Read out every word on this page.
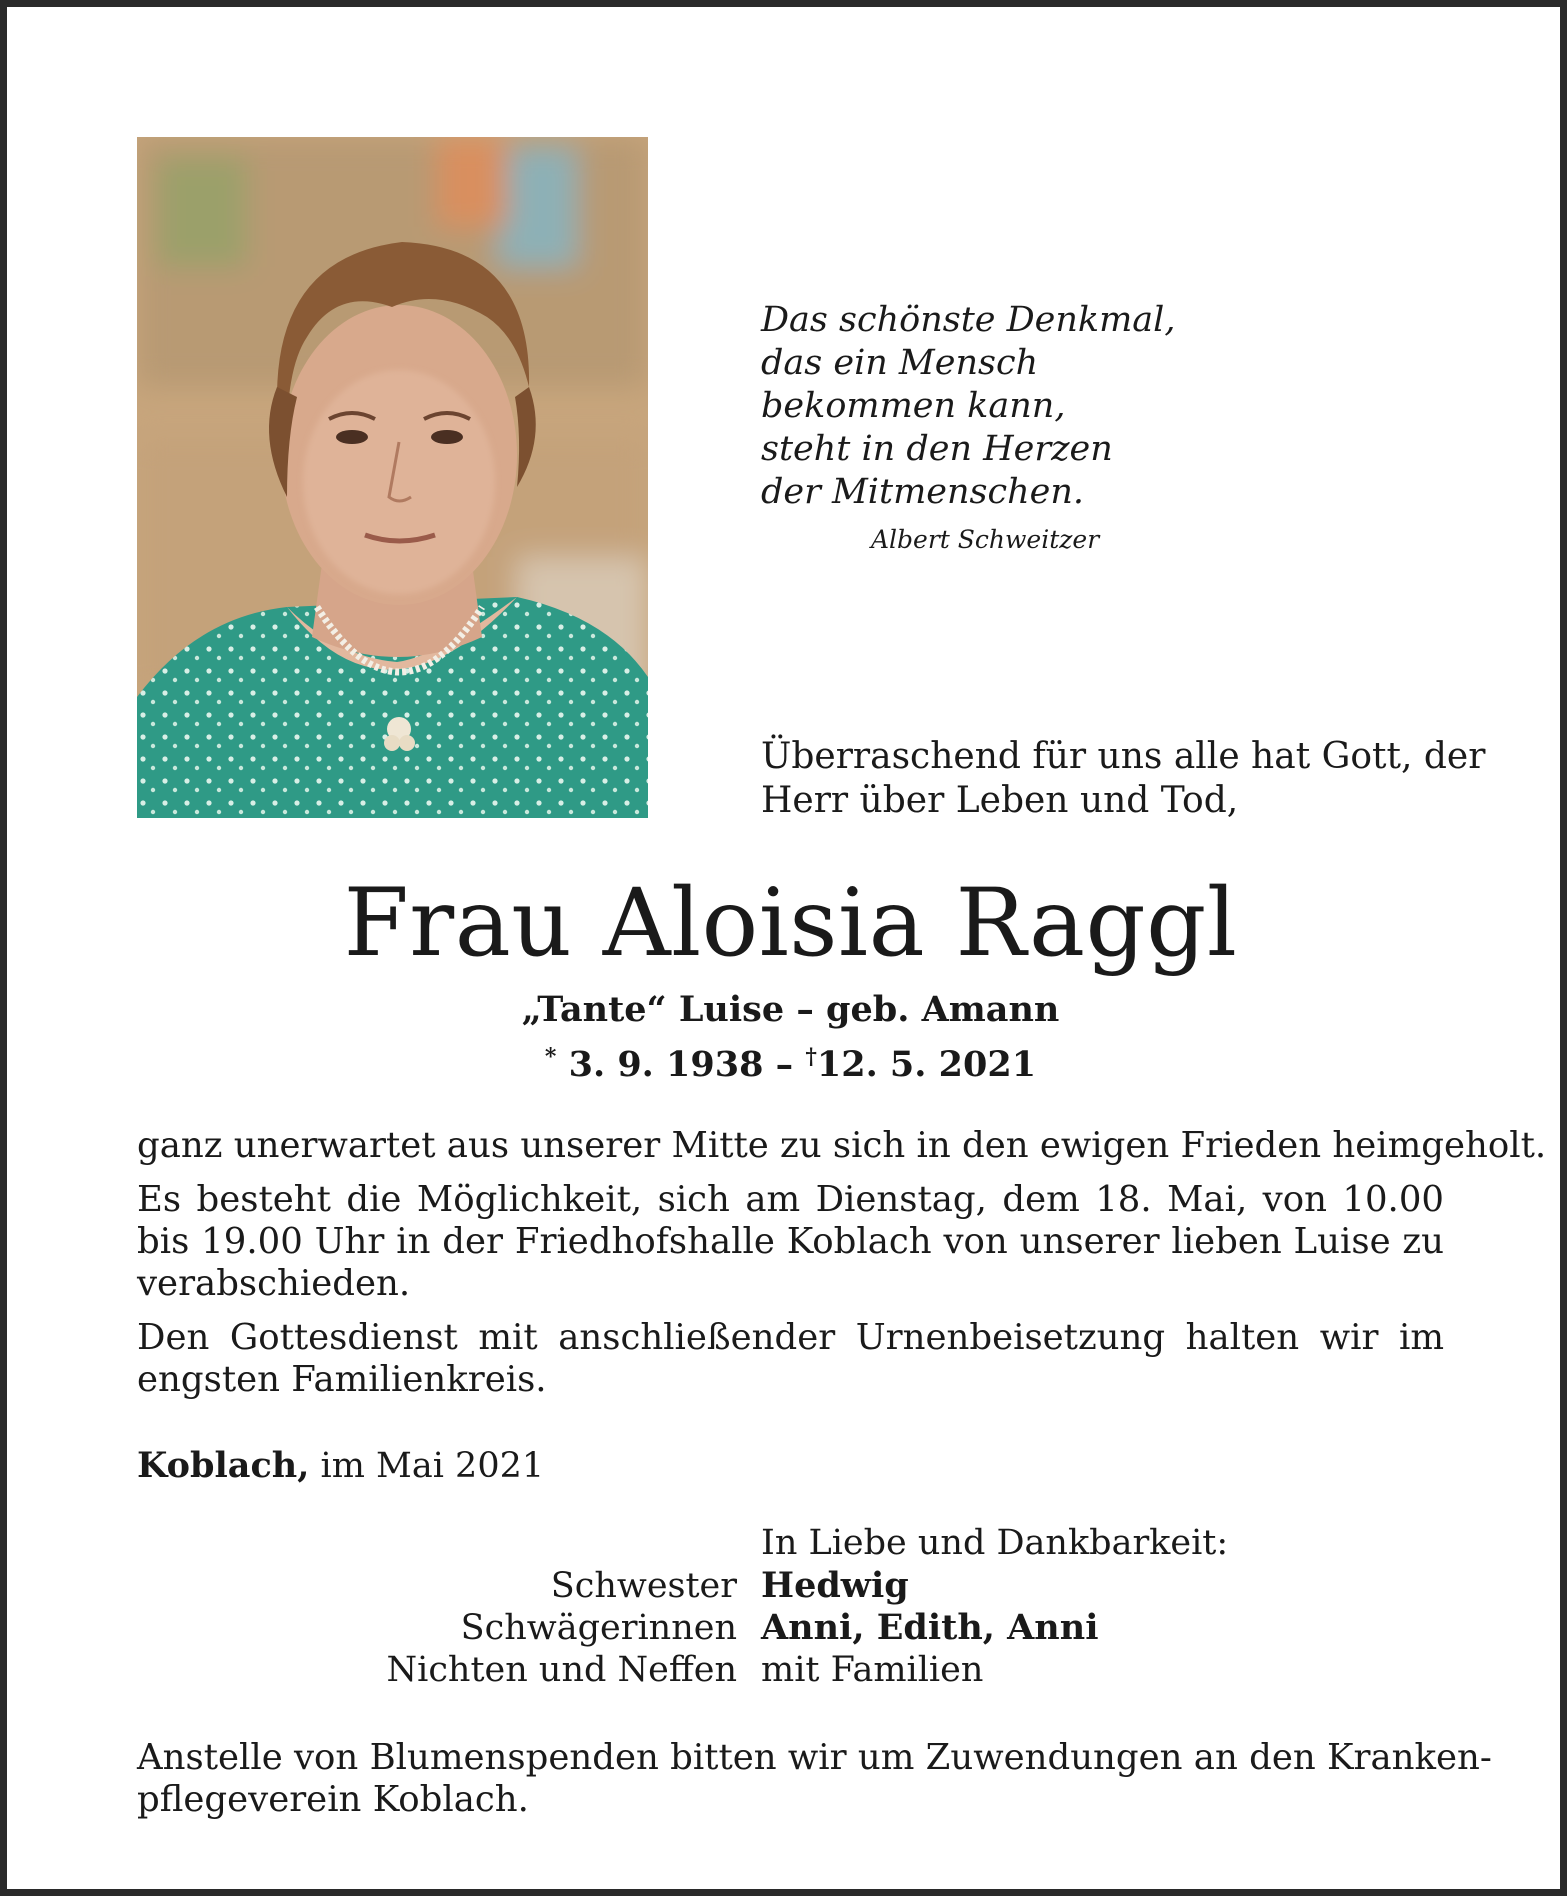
Das schönste Denkmal,
das ein Mensch
bekommen kann,
steht in den Herzen
der Mitmenschen.
Albert Schweitzer
Überraschend für uns alle hat Gott, der
Herr über Leben und Tod,
Frau Aloisia Raggl
„Tante“ Luise – geb. Amann
* 3. 9. 1938 – †12. 5. 2021

ganz unerwartet aus unserer Mitte zu sich in den ewigen Frieden heimgeholt.

Es besteht die Möglichkeit, sich am Dienstag, dem 18. Mai, von 10.00 bis 19.00 Uhr in der Friedhofshalle Koblach von unserer lieben Luise zu verabschieden.

Den Gottesdienst mit anschließender Urnenbeisetzung halten wir im engsten Familienkreis.

Koblach, im Mai 2021
In Liebe und Dankbarkeit:
Schwester Hedwig
Schwägerinnen Anni, Edith, Anni
Nichten und Neffen mit Familien
Anstelle von Blumenspenden bitten wir um Zuwendungen an den Kranken-
pflegeverein Koblach.
